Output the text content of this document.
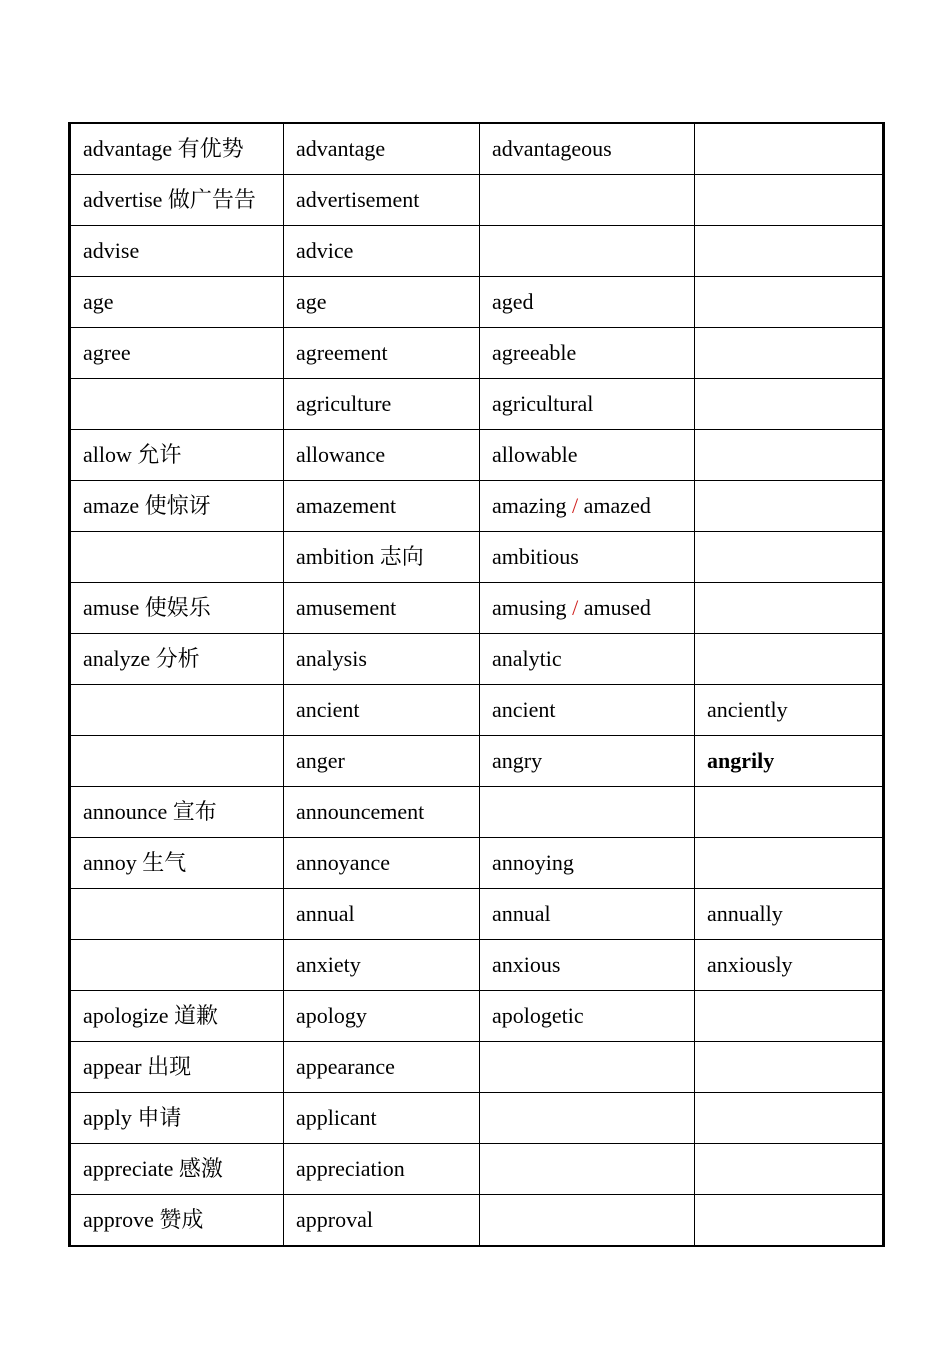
advantage 有优势	advantage	advantageous	
advertise 做广告告	advertisement		
advise	advice		
age	age	aged	
agree	agreement	agreeable	
	agriculture	agricultural	
allow 允许	allowance	allowable	
amaze 使惊讶	amazement	amazing / amazed	
	ambition 志向	ambitious	
amuse 使娱乐	amusement	amusing / amused	
analyze 分析	analysis	analytic	
	ancient	ancient	anciently
	anger	angry	angrily
announce 宣布	announcement		
annoy 生气	annoyance	annoying	
	annual	annual	annually
	anxiety	anxious	anxiously
apologize 道歉	apology	apologetic	
appear 出现	appearance		
apply 申请	applicant		
appreciate 感激	appreciation		
approve 赞成	approval		
